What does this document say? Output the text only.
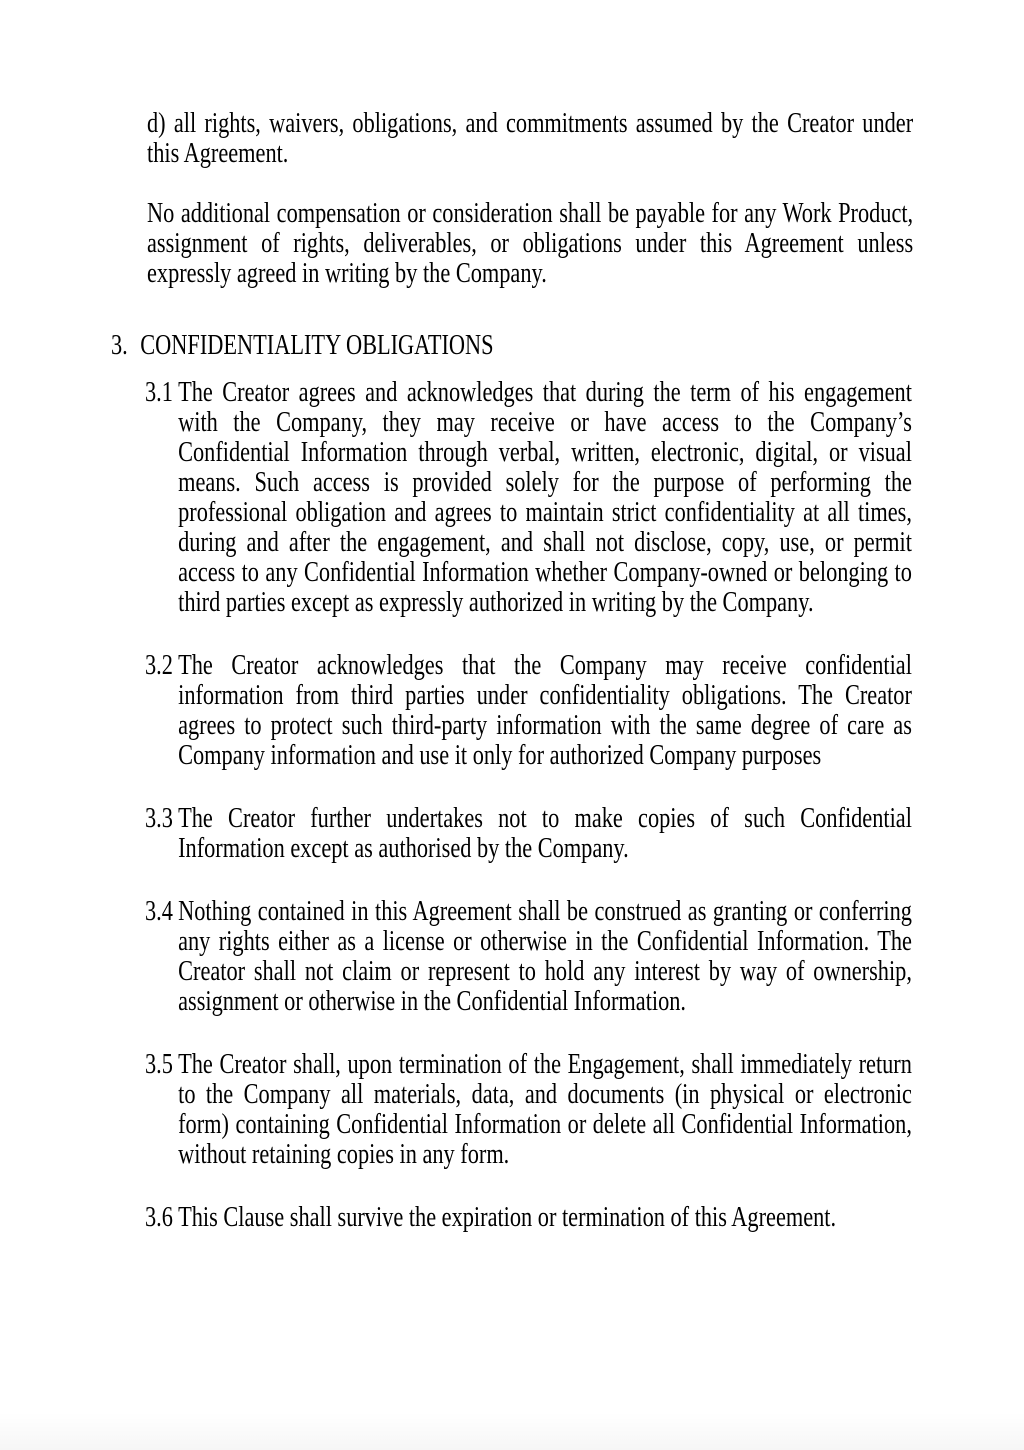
d) all rights, waivers, obligations, and commitments assumed by the Creator under this Agreement.

No additional compensation or consideration shall be payable for any Work Product, assignment of rights, deliverables, or obligations under this Agreement unless expressly agreed in writing by the Company.

3. CONFIDENTIALITY OBLIGATIONS
3.1 The Creator agrees and acknowledges that during the term of his engagement with the Company, they may receive or have access to the Company’s Confidential Information through verbal, written, electronic, digital, or visual means. Such access is provided solely for the purpose of performing the professional obligation and agrees to maintain strict confidentiality at all times, during and after the engagement, and shall not disclose, copy, use, or permit access to any Confidential Information whether Company-owned or belonging to third parties except as expressly authorized in writing by the Company.
3.2 The Creator acknowledges that the Company may receive confidential information from third parties under confidentiality obligations. The Creator agrees to protect such third-party information with the same degree of care as Company information and use it only for authorized Company purposes
3.3 The Creator further undertakes not to make copies of such Confidential Information except as authorised by the Company.
3.4 Nothing contained in this Agreement shall be construed as granting or conferring any rights either as a license or otherwise in the Confidential Information. The Creator shall not claim or represent to hold any interest by way of ownership, assignment or otherwise in the Confidential Information.
3.5 The Creator shall, upon termination of the Engagement, shall immediately return to the Company all materials, data, and documents (in physical or electronic form) containing Confidential Information or delete all Confidential Information, without retaining copies in any form.
3.6 This Clause shall survive the expiration or termination of this Agreement.
